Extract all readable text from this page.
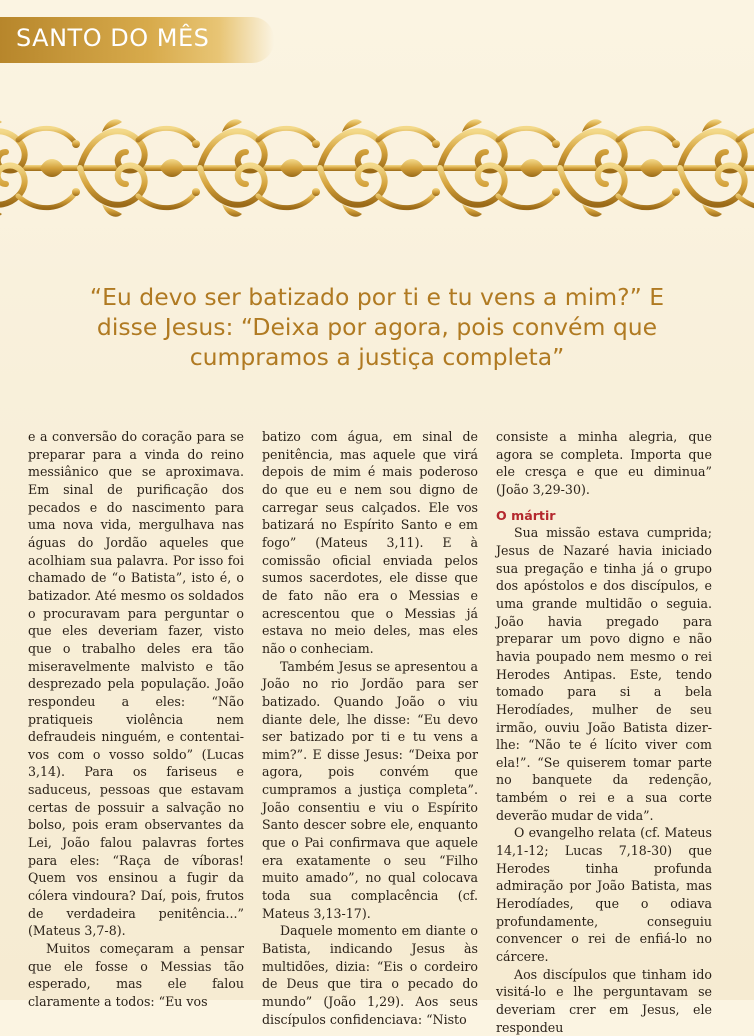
SANTO DO MÊS
“Eu devo ser batizado por ti e tu vens a mim?” E disse Jesus: “Deixa por agora, pois convém que cumpramos a justiça completa”

e a conversão do coração para se preparar para a vinda do reino messiânico que se aproximava. Em sinal de purificação dos pecados e do nascimento para uma nova vida, mergulhava nas águas do Jordão aqueles que acolhiam sua palavra. Por isso foi chamado de “o Batista”, isto é, o batizador. Até mesmo os soldados o procuravam para perguntar o que eles deveriam fazer, visto que o trabalho deles era tão miseravelmente malvisto e tão desprezado pela população. João respondeu a eles: “Não pratiqueis violência nem defraudeis ninguém, e contentai-vos com o vosso soldo” (Lucas 3,14). Para os fariseus e saduceus, pessoas que estavam certas de possuir a salvação no bolso, pois eram observantes da Lei, João falou palavras fortes para eles: “Raça de víboras! Quem vos ensinou a fugir da cólera vindoura? Daí, pois, frutos de verdadeira penitência...” (Mateus 3,7-8).

Muitos começaram a pensar que ele fosse o Messias tão esperado, mas ele falou claramente a todos: “Eu vos

batizo com água, em sinal de penitência, mas aquele que virá depois de mim é mais poderoso do que eu e nem sou digno de carregar seus calçados. Ele vos batizará no Espírito Santo e em fogo” (Mateus 3,11). E à comissão oficial enviada pelos sumos sacerdotes, ele disse que de fato não era o Messias e acrescentou que o Messias já estava no meio deles, mas eles não o conheciam.

Também Jesus se apresentou a João no rio Jordão para ser batizado. Quando João o viu diante dele, lhe disse: “Eu devo ser batizado por ti e tu vens a mim?”. E disse Jesus: “Deixa por agora, pois convém que cumpramos a justiça completa”. João consentiu e viu o Espírito Santo descer sobre ele, enquanto que o Pai confirmava que aquele era exatamente o seu “Filho muito amado”, no qual colocava toda sua complacência (cf. Mateus 3,13-17).

Daquele momento em diante o Batista, indicando Jesus às multidões, dizia: “Eis o cordeiro de Deus que tira o pecado do mundo” (João 1,29). Aos seus discípulos confidenciava: “Nisto

consiste a minha alegria, que agora se completa. Importa que ele cresça e que eu diminua” (João 3,29-30).

O mártir

Sua missão estava cumprida; Jesus de Nazaré havia iniciado sua pregação e tinha já o grupo dos apóstolos e dos discípulos, e uma grande multidão o seguia. João havia pregado para preparar um povo digno e não havia poupado nem mesmo o rei Herodes Antipas. Este, tendo tomado para si a bela Herodíades, mulher de seu irmão, ouviu João Batista dizer-lhe: “Não te é lícito viver com ela!”. “Se quiserem tomar parte no banquete da redenção, também o rei e a sua corte deverão mudar de vida”.

O evangelho relata (cf. Mateus 14,1-12; Lucas 7,18-30) que Herodes tinha profunda admiração por João Batista, mas Herodíades, que o odiava profundamente, conseguiu convencer o rei de enfiá-lo no cárcere.

Aos discípulos que tinham ido visitá-lo e lhe perguntavam se deveriam crer em Jesus, ele respondeu
